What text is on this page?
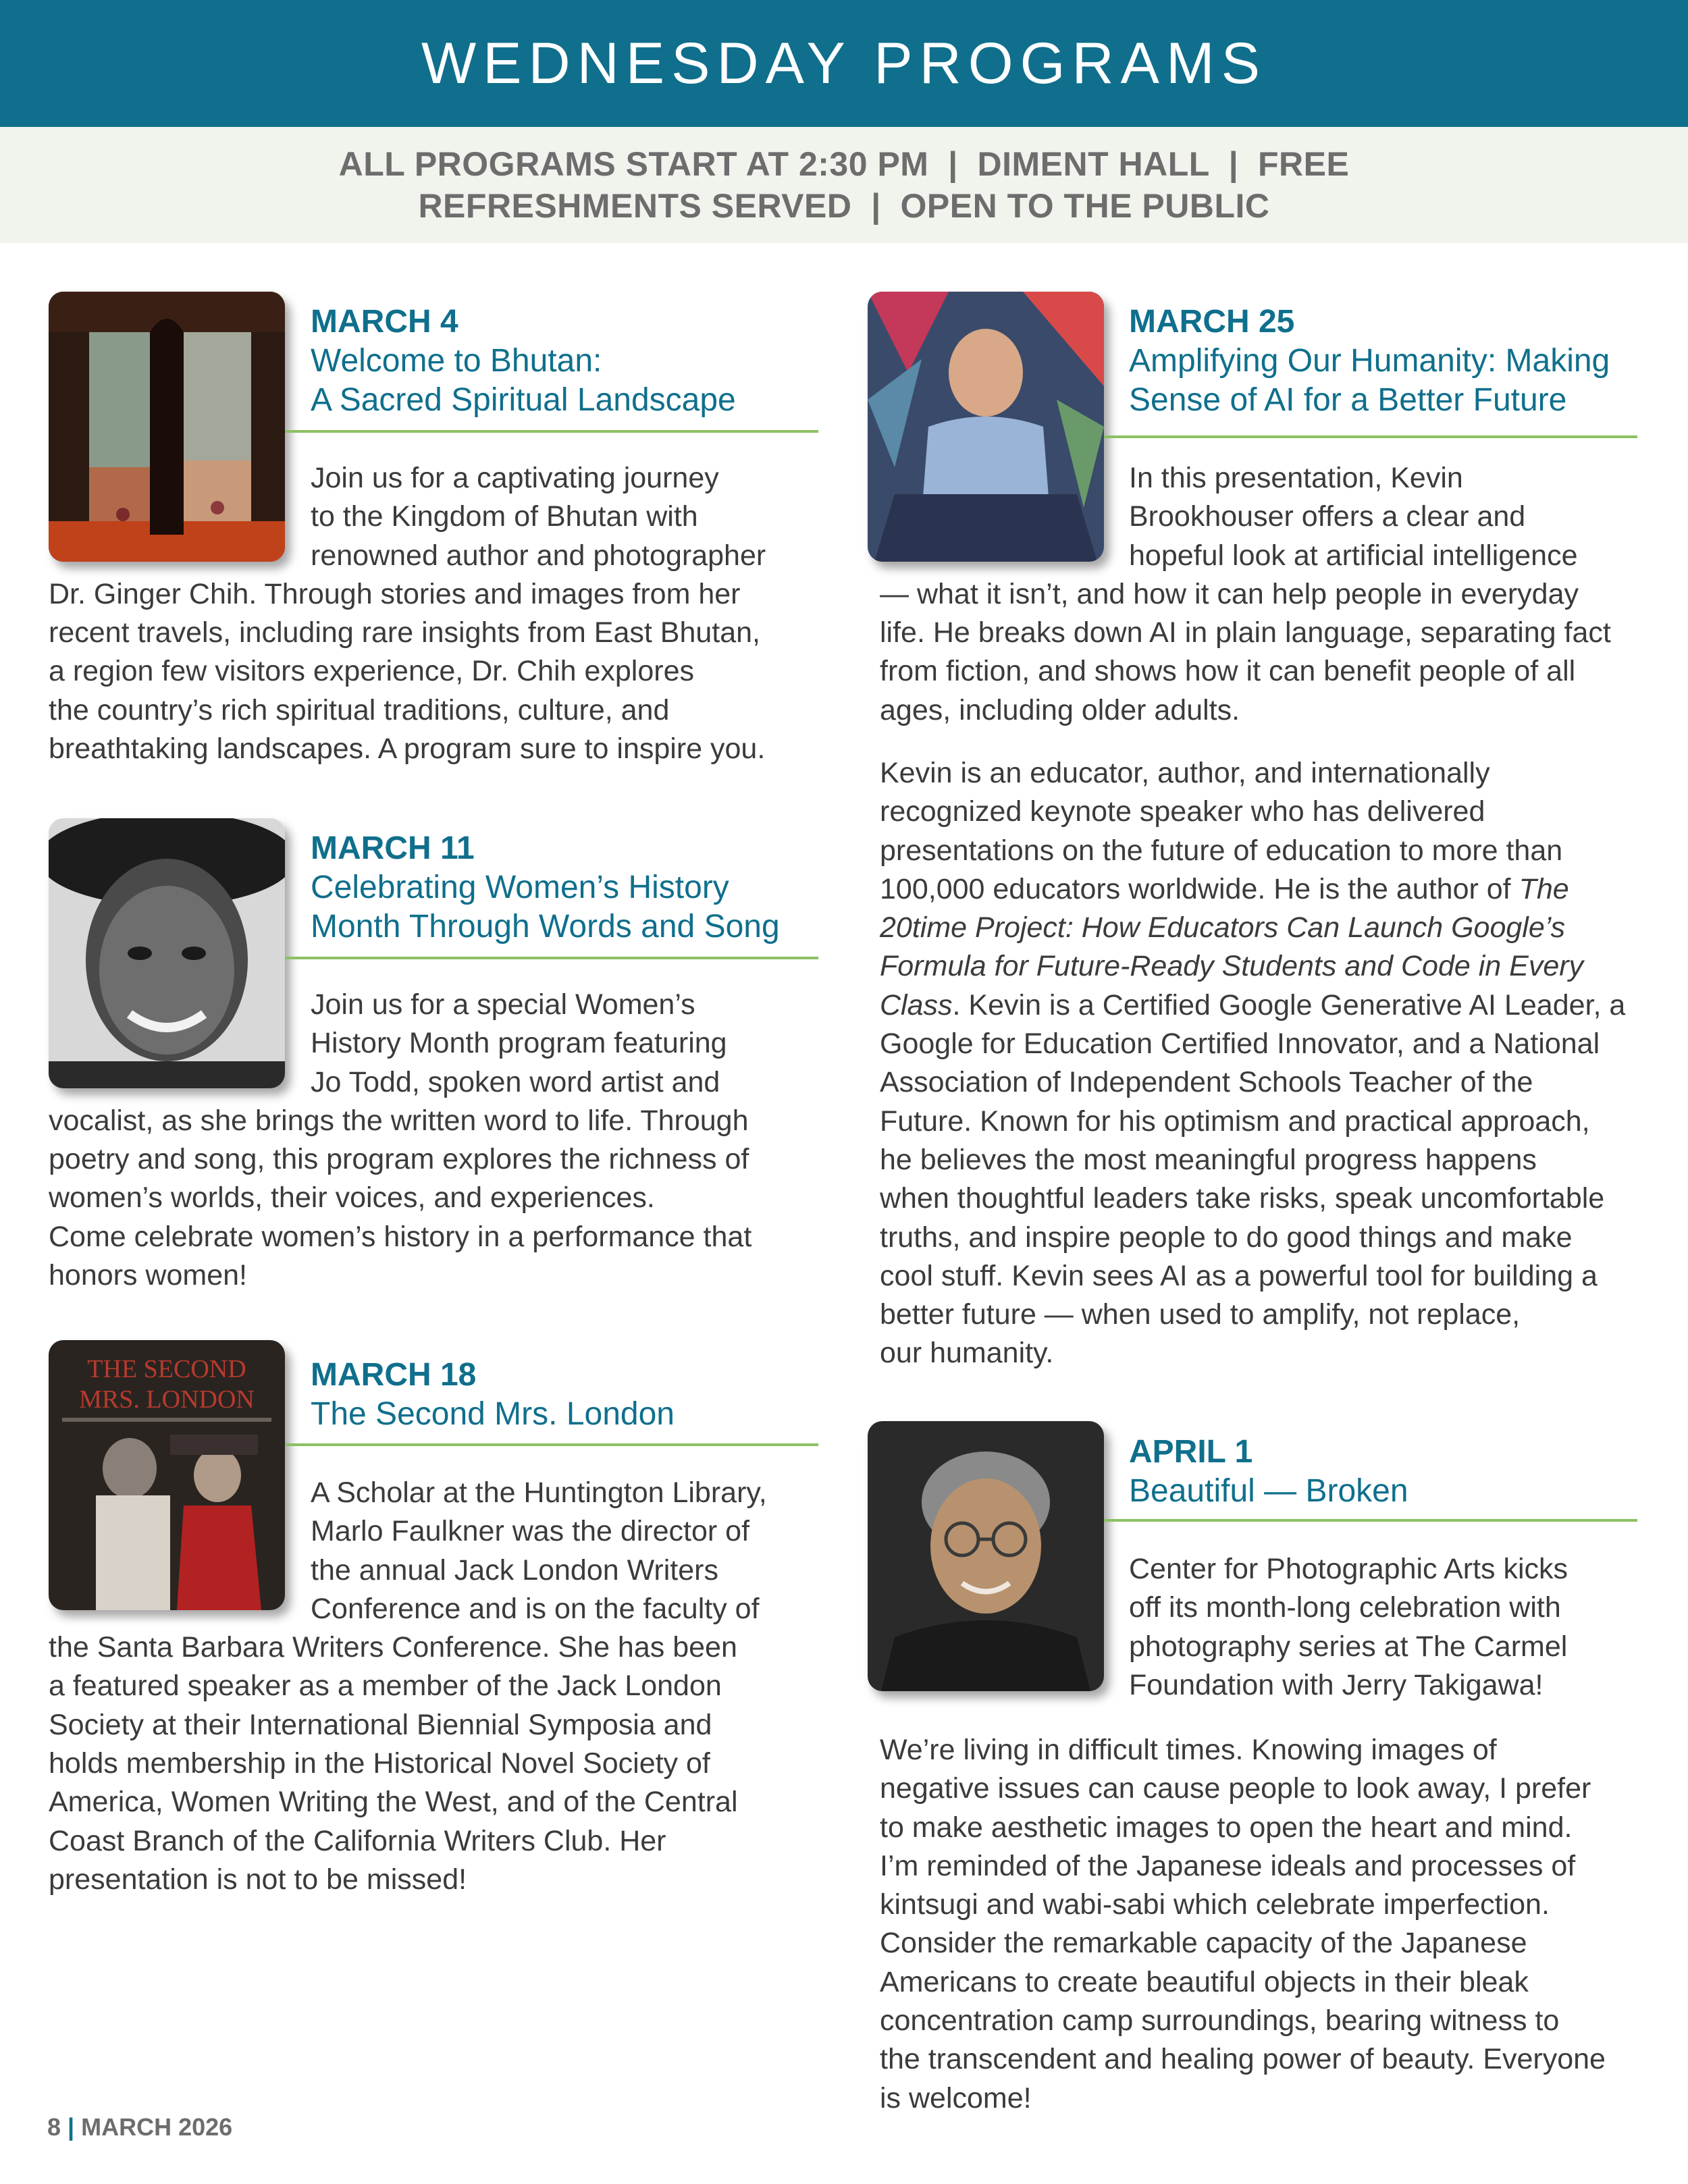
WEDNESDAY PROGRAMS
ALL PROGRAMS START AT 2:30 PM  |  DIMENT HALL  |  FREE
REFRESHMENTS SERVED  |  OPEN TO THE PUBLIC
MARCH 4
Welcome to Bhutan:
A Sacred Spiritual Landscape
Join us for a captivating journey
to the Kingdom of Bhutan with
renowned author and photographer
Dr. Ginger Chih. Through stories and images from her
recent travels, including rare insights from East Bhutan,
a region few visitors experience, Dr. Chih explores
the country’s rich spiritual traditions, culture, and
breathtaking landscapes. A program sure to inspire you.
MARCH 11
Celebrating Women’s History
Month Through Words and Song
Join us for a special Women’s
History Month program featuring
Jo Todd, spoken word artist and
vocalist, as she brings the written word to life. Through
poetry and song, this program explores the richness of
women’s worlds, their voices, and experiences.
Come celebrate women’s history in a performance that
honors women!
THE SECOND
MRS. LONDON
MARCH 18
The Second Mrs. London
A Scholar at the Huntington Library,
Marlo Faulkner was the director of
the annual Jack London Writers
Conference and is on the faculty of
the Santa Barbara Writers Conference. She has been
a featured speaker as a member of the Jack London
Society at their International Biennial Symposia and
holds membership in the Historical Novel Society of
America, Women Writing the West, and of the Central
Coast Branch of the California Writers Club. Her
presentation is not to be missed!
MARCH 25
Amplifying Our Humanity: Making
Sense of AI for a Better Future
In this presentation, Kevin
Brookhouser offers a clear and
hopeful look at artificial intelligence
— what it isn’t, and how it can help people in everyday
life. He breaks down AI in plain language, separating fact
from fiction, and shows how it can benefit people of all
ages, including older adults.
Kevin is an educator, author, and internationally
recognized keynote speaker who has delivered
presentations on the future of education to more than
100,000 educators worldwide. He is the author of The
20time Project: How Educators Can Launch Google’s
Formula for Future-Ready Students and Code in Every
Class. Kevin is a Certified Google Generative AI Leader, a
Google for Education Certified Innovator, and a National
Association of Independent Schools Teacher of the
Future. Known for his optimism and practical approach,
he believes the most meaningful progress happens
when thoughtful leaders take risks, speak uncomfortable
truths, and inspire people to do good things and make
cool stuff. Kevin sees AI as a powerful tool for building a
better future — when used to amplify, not replace,
our humanity.
APRIL 1
Beautiful — Broken
Center for Photographic Arts kicks
off its month-long celebration with
photography series at The Carmel
Foundation with Jerry Takigawa!
We’re living in difficult times. Knowing images of
negative issues can cause people to look away, I prefer
to make aesthetic images to open the heart and mind.
I’m reminded of the Japanese ideals and processes of
kintsugi and wabi-sabi which celebrate imperfection.
Consider the remarkable capacity of the Japanese
Americans to create beautiful objects in their bleak
concentration camp surroundings, bearing witness to
the transcendent and healing power of beauty. Everyone
is welcome!
8 | MARCH 2026
